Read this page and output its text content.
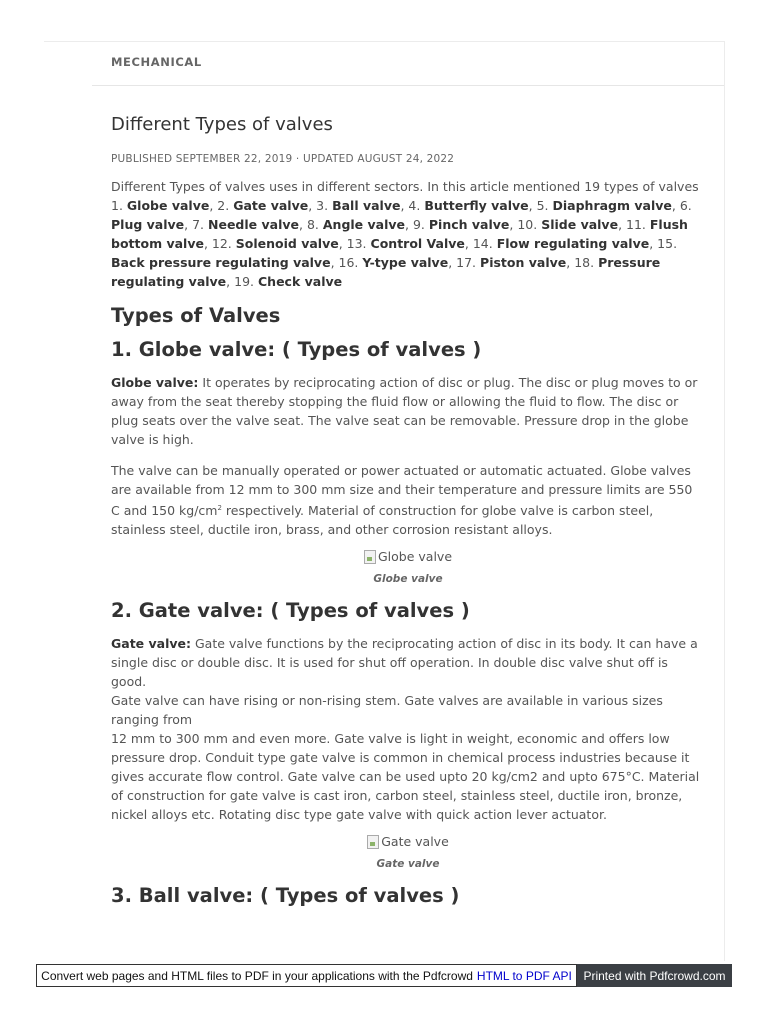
MECHANICAL
Different Types of valves
PUBLISHED SEPTEMBER 22, 2019 · UPDATED AUGUST 24, 2022

Different Types of valves uses in different sectors. In this article mentioned 19 types of valves 1. Globe valve, 2. Gate valve, 3. Ball valve, 4. Butterfly valve, 5. Diaphragm valve, 6. Plug valve, 7. Needle valve, 8. Angle valve, 9. Pinch valve, 10. Slide valve, 11. Flush bottom valve, 12. Solenoid valve, 13. Control Valve, 14. Flow regulating valve, 15. Back pressure regulating valve, 16. Y-type valve, 17. Piston valve, 18. Pressure regulating valve, 19. Check valve

Types of Valves
1. Globe valve: ( Types of valves )

Globe valve: It operates by reciprocating action of disc or plug. The disc or plug moves to or away from the seat thereby stopping the fluid flow or allowing the fluid to flow. The disc or plug seats over the valve seat. The valve seat can be removable. Pressure drop in the globe valve is high.

The valve can be manually operated or power actuated or automatic actuated. Globe valves are available from 12 mm to 300 mm size and their temperature and pressure limits are 550 C and 150 $kg/cm^2$ respectively. Material of construction for globe valve is carbon steel, stainless steel, ductile iron, brass, and other corrosion resistant alloys.

Globe valve
Globe valve
2. Gate valve: ( Types of valves )

Gate valve: Gate valve functions by the reciprocating action of disc in its body. It can have a single disc or double disc. It is used for shut off operation. In double disc valve shut off is good.

Gate valve can have rising or non-rising stem. Gate valves are available in various sizes ranging from

12 mm to 300 mm and even more. Gate valve is light in weight, economic and offers low pressure drop. Conduit type gate valve is common in chemical process industries because it gives accurate flow control. Gate valve can be used upto 20 kg/cm2 and upto 675°C. Material of construction for gate valve is cast iron, carbon steel, stainless steel, ductile iron, bronze, nickel alloys etc. Rotating disc type gate valve with quick action lever actuator.

Gate valve
Gate valve
3. Ball valve: ( Types of valves )
Convert web pages and HTML files to PDF in your applications with the Pdfcrowd HTML to PDF API Printed with Pdfcrowd.com
